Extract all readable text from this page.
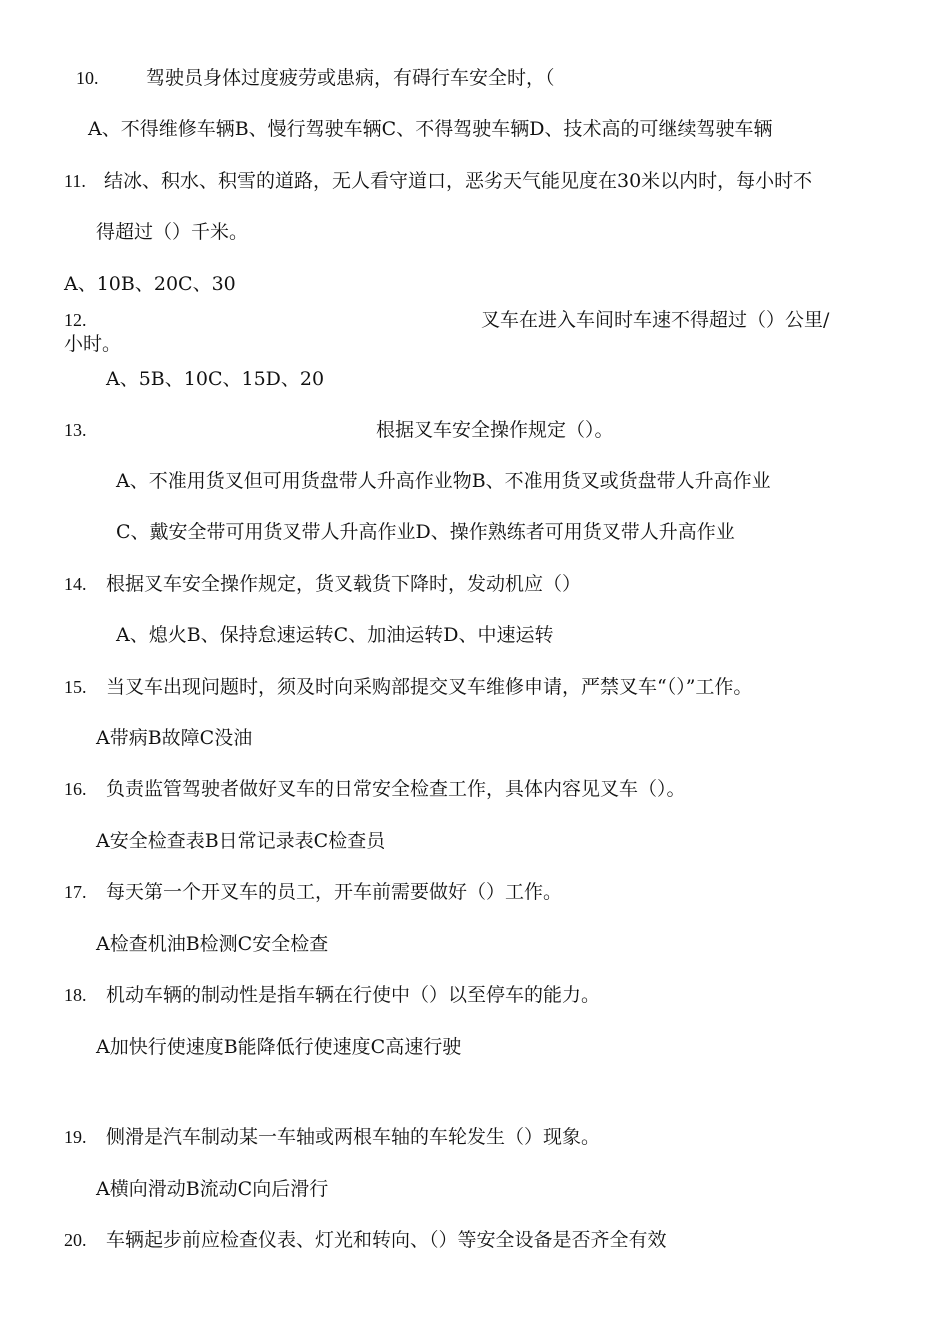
10.	驾驶员身体过度疲劳或患病，有碍行车安全时，（
A、不得维修车辆B、慢行驾驶车辆C、不得驾驶车辆D、技术高的可继续驾驶车辆
11. 结冰、积水、积雪的道路，无人看守道口，恶劣天气能见度在30米以内时，每小时不
得超过（）千米。
A、10B、20C、30
12.	叉车在进入车间时车速不得超过（）公里/
小时。
A、5B、10C、15D、20
13.	根据叉车安全操作规定（）。
A、不准用货叉但可用货盘带人升高作业物B、不准用货叉或货盘带人升高作业
C、戴安全带可用货叉带人升高作业D、操作熟练者可用货叉带人升高作业
14. 根据叉车安全操作规定，货叉载货下降时，发动机应（）
A、熄火B、保持怠速运转C、加油运转D、中速运转
15. 当叉车出现问题时，须及时向采购部提交叉车维修申请，严禁叉车“（）”工作。
A带病B故障C没油
16. 负责监管驾驶者做好叉车的日常安全检查工作，具体内容见叉车（）。
A安全检查表B日常记录表C检查员
17. 每天第一个开叉车的员工，开车前需要做好（）工作。
A检查机油B检测C安全检查
18. 机动车辆的制动性是指车辆在行使中（）以至停车的能力。
A加快行使速度B能降低行使速度C高速行驶
19. 侧滑是汽车制动某一车轴或两根车轴的车轮发生（）现象。
A横向滑动B流动C向后滑行
20. 车辆起步前应检查仪表、灯光和转向、（）等安全设备是否齐全有效
